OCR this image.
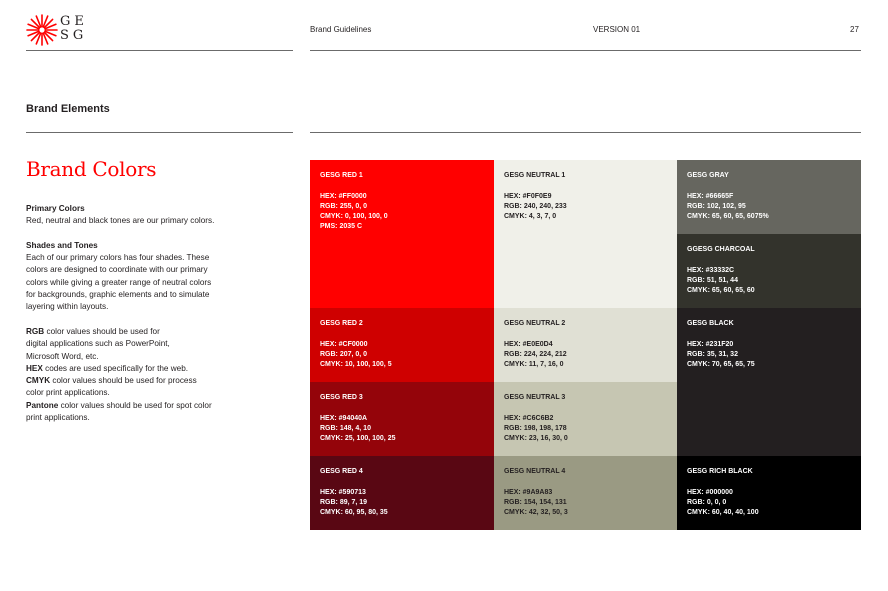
GE
SG	Brand Guidelines	VERSION 01	27
Brand Elements
Brand Colors

Primary Colors

Red, neutral and black tones are our primary colors.

Shades and Tones

Each of our primary colors has four shades. These

colors are designed to coordinate with our primary

colors while giving a greater range of neutral colors

for backgrounds, graphic elements and to simulate

layering within layouts.

RGB color values should be used for

digital applications such as PowerPoint,

Microsoft Word, etc.

HEX codes are used specifically for the web.

CMYK color values should be used for process

color print applications.

Pantone color values should be used for spot color

print applications.

GESG RED 1
HEX: #FF0000
RGB: 255, 0, 0
CMYK: 0, 100, 100, 0
PMS: 2035 C
GESG RED 2
HEX: #CF0000
RGB: 207, 0, 0
CMYK: 10, 100, 100, 5
GESG RED 3
HEX: #94040A
RGB: 148, 4, 10
CMYK: 25, 100, 100, 25
GESG RED 4
HEX: #590713
RGB: 89, 7, 19
CMYK: 60, 95, 80, 35
GESG NEUTRAL 1
HEX: #F0F0E9
RGB: 240, 240, 233
CMYK: 4, 3, 7, 0
GESG NEUTRAL 2
HEX: #E0E0D4
RGB: 224, 224, 212
CMYK: 11, 7, 16, 0
GESG NEUTRAL 3
HEX: #C6C6B2
RGB: 198, 198, 178
CMYK: 23, 16, 30, 0
GESG NEUTRAL 4
HEX: #9A9A83
RGB: 154, 154, 131
CMYK: 42, 32, 50, 3
GESG GRAY
HEX: #66665F
RGB: 102, 102, 95
CMYK: 65, 60, 65, 6075%
GGESG CHARCOAL
HEX: #33332C
RGB: 51, 51, 44
CMYK: 65, 60, 65, 60
GESG BLACK
HEX: #231F20
RGB: 35, 31, 32
CMYK: 70, 65, 65, 75
GESG RICH BLACK
HEX: #000000
RGB: 0, 0, 0
CMYK: 60, 40, 40, 100
